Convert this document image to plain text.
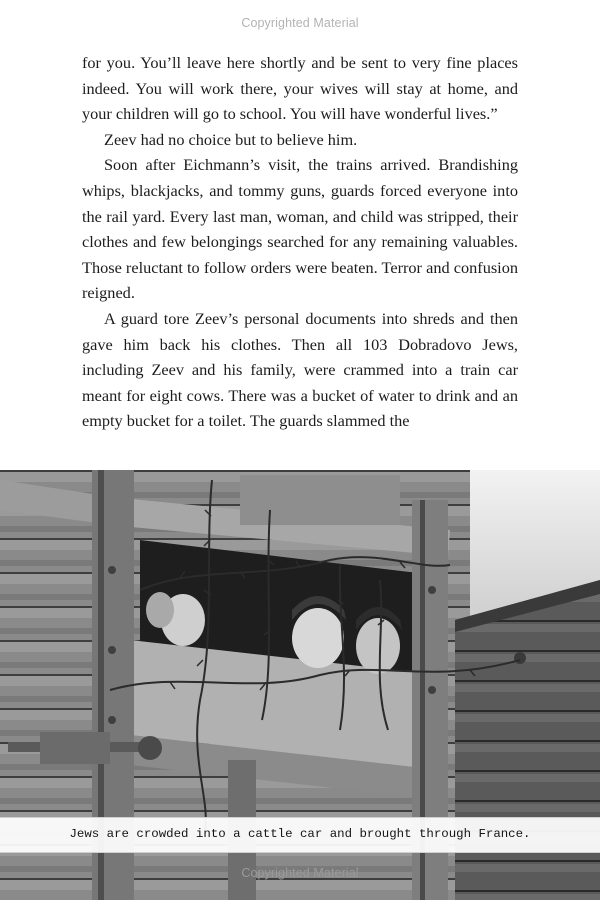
Copyrighted Material

for you. You’ll leave here shortly and be sent to very fine places indeed. You will work there, your wives will stay at home, and your children will go to school. You will have wonderful lives.”

Zeev had no choice but to believe him.

Soon after Eichmann’s visit, the trains arrived. Brandishing whips, blackjacks, and tommy guns, guards forced everyone into the rail yard. Every last man, woman, and child was stripped, their clothes and few belongings searched for any remaining valuables. Those reluctant to follow orders were beaten. Terror and confusion reigned.

A guard tore Zeev’s personal documents into shreds and then gave him back his clothes. Then all 103 Dobradovo Jews, including Zeev and his family, were crammed into a train car meant for eight cows. There was a bucket of water to drink and an empty bucket for a toilet. The guards slammed the

Jews are crowded into a cattle car and brought through France.
Copyrighted Material
